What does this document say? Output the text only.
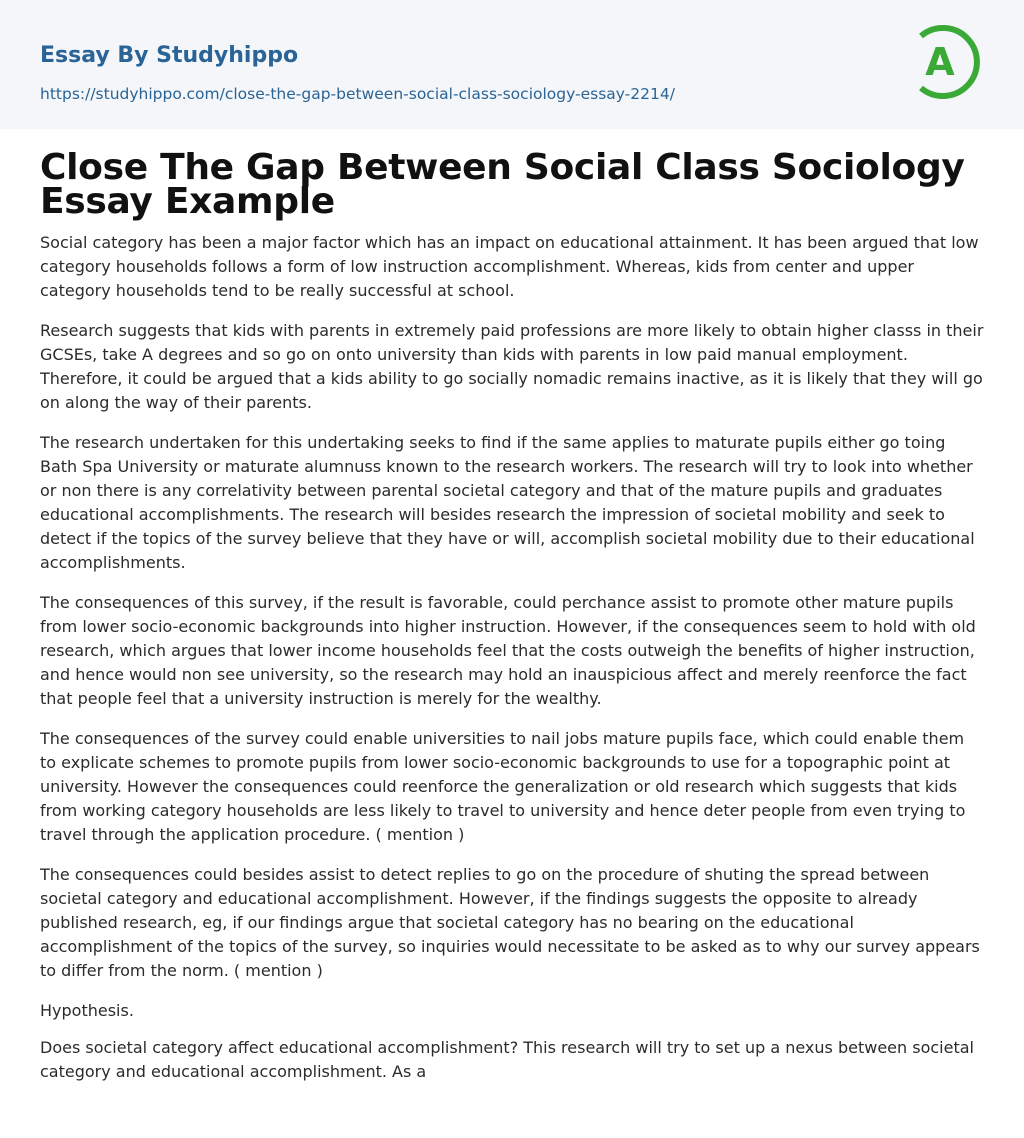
Essay By Studyhippo
https://studyhippo.com/close-the-gap-between-social-class-sociology-essay-2214/
A
Close The Gap Between Social Class Sociology Essay Example

Social category has been a major factor which has an impact on educational attainment. It has been argued that low category households follows a form of low instruction accomplishment. Whereas, kids from center and upper category households tend to be really successful at school.

Research suggests that kids with parents in extremely paid professions are more likely to obtain higher classs in their GCSEs, take A degrees and so go on onto university than kids with parents in low paid manual employment. Therefore, it could be argued that a kids ability to go socially nomadic remains inactive, as it is likely that they will go on along the way of their parents.

The research undertaken for this undertaking seeks to find if the same applies to maturate pupils either go toing Bath Spa University or maturate alumnuss known to the research workers. The research will try to look into whether or non there is any correlativity between parental societal category and that of the mature pupils and graduates educational accomplishments. The research will besides research the impression of societal mobility and seek to detect if the topics of the survey believe that they have or will, accomplish societal mobility due to their educational accomplishments.

The consequences of this survey, if the result is favorable, could perchance assist to promote other mature pupils from lower socio-economic backgrounds into higher instruction. However, if the consequences seem to hold with old research, which argues that lower income households feel that the costs outweigh the benefits of higher instruction, and hence would non see university, so the research may hold an inauspicious affect and merely reenforce the fact that people feel that a university instruction is merely for the wealthy.

The consequences of the survey could enable universities to nail jobs mature pupils face, which could enable them to explicate schemes to promote pupils from lower socio-economic backgrounds to use for a topographic point at university. However the consequences could reenforce the generalization or old research which suggests that kids from working category households are less likely to travel to university and hence deter people from even trying to travel through the application procedure. ( mention )

The consequences could besides assist to detect replies to go on the procedure of shuting the spread between societal category and educational accomplishment. However, if the findings suggests the opposite to already published research, eg, if our findings argue that societal category has no bearing on the educational accomplishment of the topics of the survey, so inquiries would necessitate to be asked as to why our survey appears to differ from the norm. ( mention )

Hypothesis.

Does societal category affect educational accomplishment? This research will try to set up a nexus between societal category and educational accomplishment. As a
